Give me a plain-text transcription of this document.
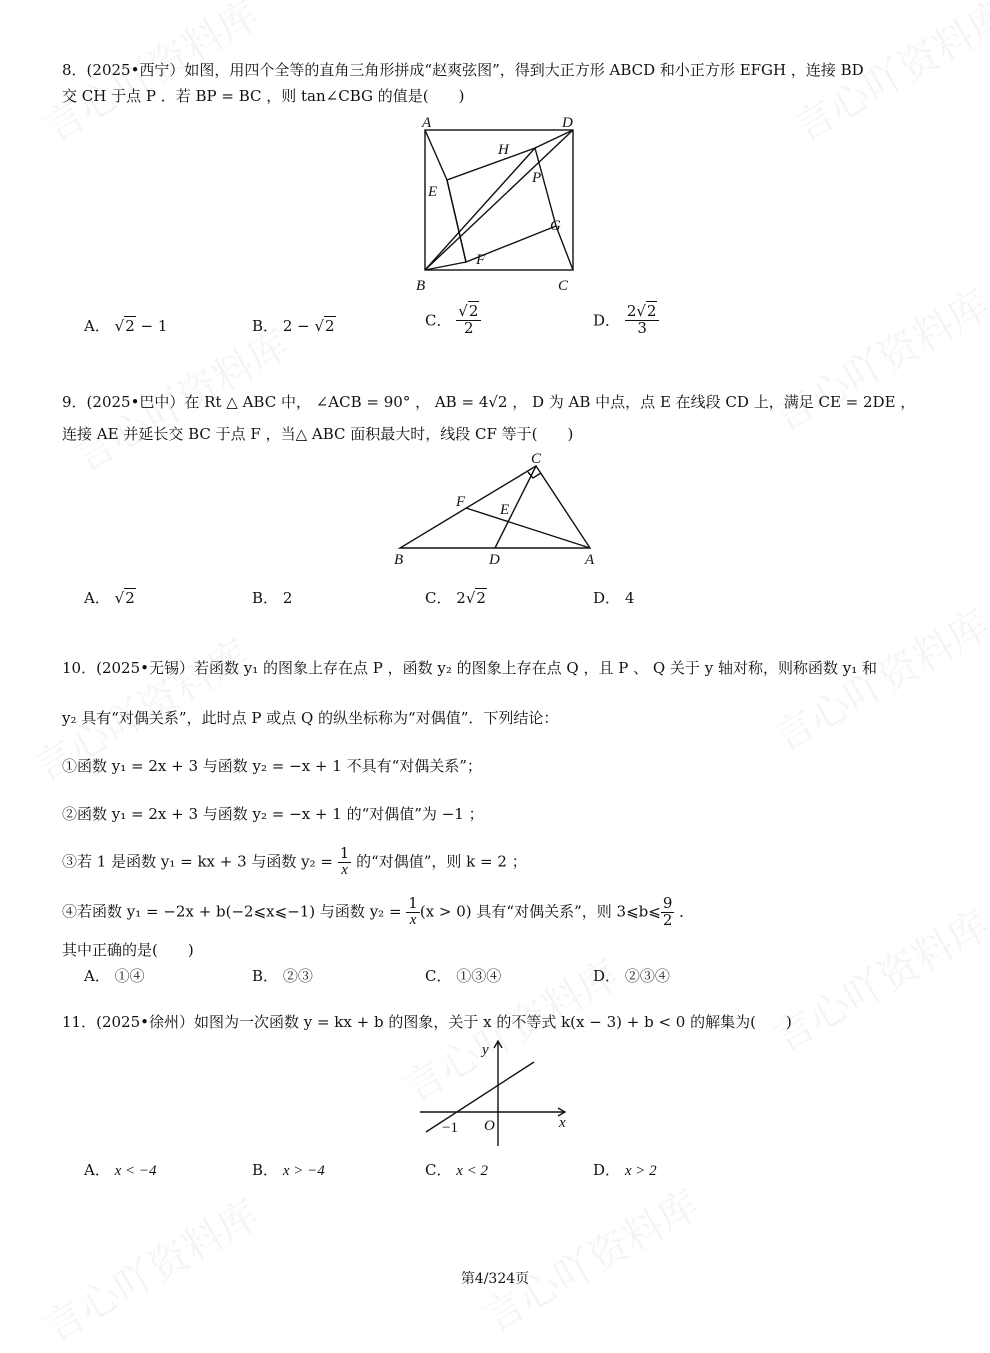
8．(2025•西宁）如图，用四个全等的直角三角形拼成“赵爽弦图”，得到大正方形 ABCD 和小正方形 EFGH ，连接 BD
交 CH 于点 P ．若 BP = BC ，则 tan∠CBG 的值是(　　)
A	D
H
E
P
G
F
B	C
A． √2 − 1	B． 2 − √2	C． $\frac{√2}{2}$	D． $\frac{2√2}{3}$
9．(2025•巴中）在 Rt △ ABC 中， ∠ACB = 90° ， AB = 4√2 ， D 为 AB 中点，点 E 在线段 CD 上，满足 CE = 2DE ，
连接 AE 并延长交 BC 于点 F ，当△ ABC 面积最大时，线段 CF 等于(　　)
C
F E
B	D	A
A． √2	B． 2	C． 2√2	D． 4
10．(2025•无锡）若函数 y₁ 的图象上存在点 P ，函数 y₂ 的图象上存在点 Q ，且 P 、 Q 关于 y 轴对称，则称函数 y₁ 和
y₂ 具有“对偶关系”，此时点 P 或点 Q 的纵坐标称为“对偶值”．下列结论：
①函数 y₁ = 2x + 3 与函数 y₂ = −x + 1 不具有“对偶关系”；
②函数 y₁ = 2x + 3 与函数 y₂ = −x + 1 的“对偶值”为 −1 ；
③若 1 是函数 y₁ = kx + 3 与函数 $y_2 = \frac{1}{x}$ 的“对偶值”，则 k = 2 ；
④若函数 y₁ = −2x + b(−2⩽x⩽−1) 与函数 $y_2 = \frac{1}{x} (x > 0)$ 具有“对偶关系”，则 3⩽b⩽ $\frac{9}{2}$ ．
其中正确的是(　　)
A． ①④	B． ②③	C． ①③④	D． ②③④
11．(2025•徐州）如图为一次函数 y = kx + b 的图象，关于 x 的不等式 k(x − 3) + b < 0 的解集为(　　)
y
x
O
−1
A． x < −4	B． x > −4	C． x < 2	D． x > 2
第4/324页
